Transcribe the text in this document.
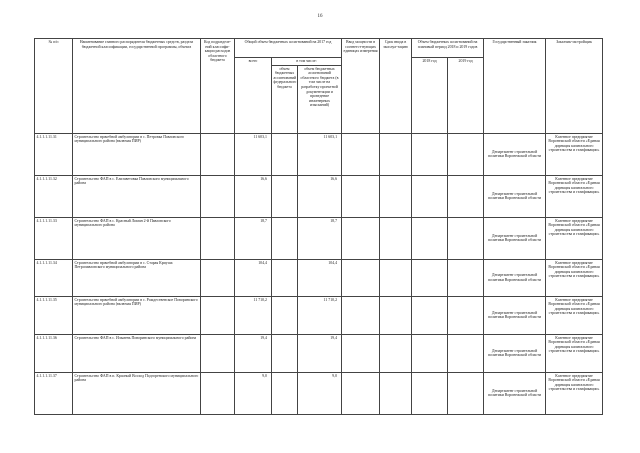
16
№ п/п	Наименование главного распорядителя бюджетных средств, раздела бюджетной классификации, государственной программы, объекта	Код подразделе-ний классифи-кации расходов областного бюджета	Общий объем бюджетных ассигнований на 2017 год			Ввод мощности в соответст-вующих единицах измерения	Срок ввода в эксплуа-тацию	Объем бюджетных ассигнований на плановый период 2018 и 2019 годов		Государственный заказчик	Заказчик-застройщик
			всего	в том числе:				2018 год	2019 год		
				объем бюджетных ассигнований федерального бюджета	объем бюджетных ассигнований областного бюджета (в том числе на разработку проектной документации и проведение инженерных изысканий)						
4.1.1.1.11.31	Строительство врачебной амбулатории в с. Петровка Павловского муниципального района (включая ПИР)		11 603,1		11 603,1					Департамент строительной политики Воронежской области	Казенное предприятие Воронежской области «Единая дирекция капитального строительства и газификации»
4.1.1.1.11.32	Строительство ФАП в с. Елизаветовка Павловского муниципального района		16,6		16,6					Департамент строительной политики Воронежской области	Казенное предприятие Воронежской области «Единая дирекция капитального строительства и газификации»
4.1.1.1.11.33	Строительство ФАП в с. Красный Лиман 2-й Павловского муниципального района		18,7		18,7					Департамент строительной политики Воронежской области	Казенное предприятие Воронежской области «Единая дирекция капитального строительства и газификации»
4.1.1.1.11.34	Строительство врачебной амбулатории в с. Старая Криуша Петропавловского муниципального района		104,4		104,4					Департамент строительной политики Воронежской области	Казенное предприятие Воронежской области «Единая дирекция капитального строительства и газификации»
4.1.1.1.11.35	Строительство врачебной амбулатории в с. Рождественское Поворинского муниципального района (включая ПИР)		11 710,2		11 710,2					Департамент строительной политики Воронежской области	Казенное предприятие Воронежской области «Единая дирекция капитального строительства и газификации»
4.1.1.1.11.36	Строительство ФАП в с. Ильмень Поворинского муниципального района		19,4		19,4					Департамент строительной политики Воронежской области	Казенное предприятие Воронежской области «Единая дирекция капитального строительства и газификации»
4.1.1.1.11.37	Строительство ФАП в п. Красный Восход Подгоренского муниципального района		9,0		9,0					Департамент строительной политики Воронежской области	Казенное предприятие Воронежской области «Единая дирекция капитального строительства и газификации»
